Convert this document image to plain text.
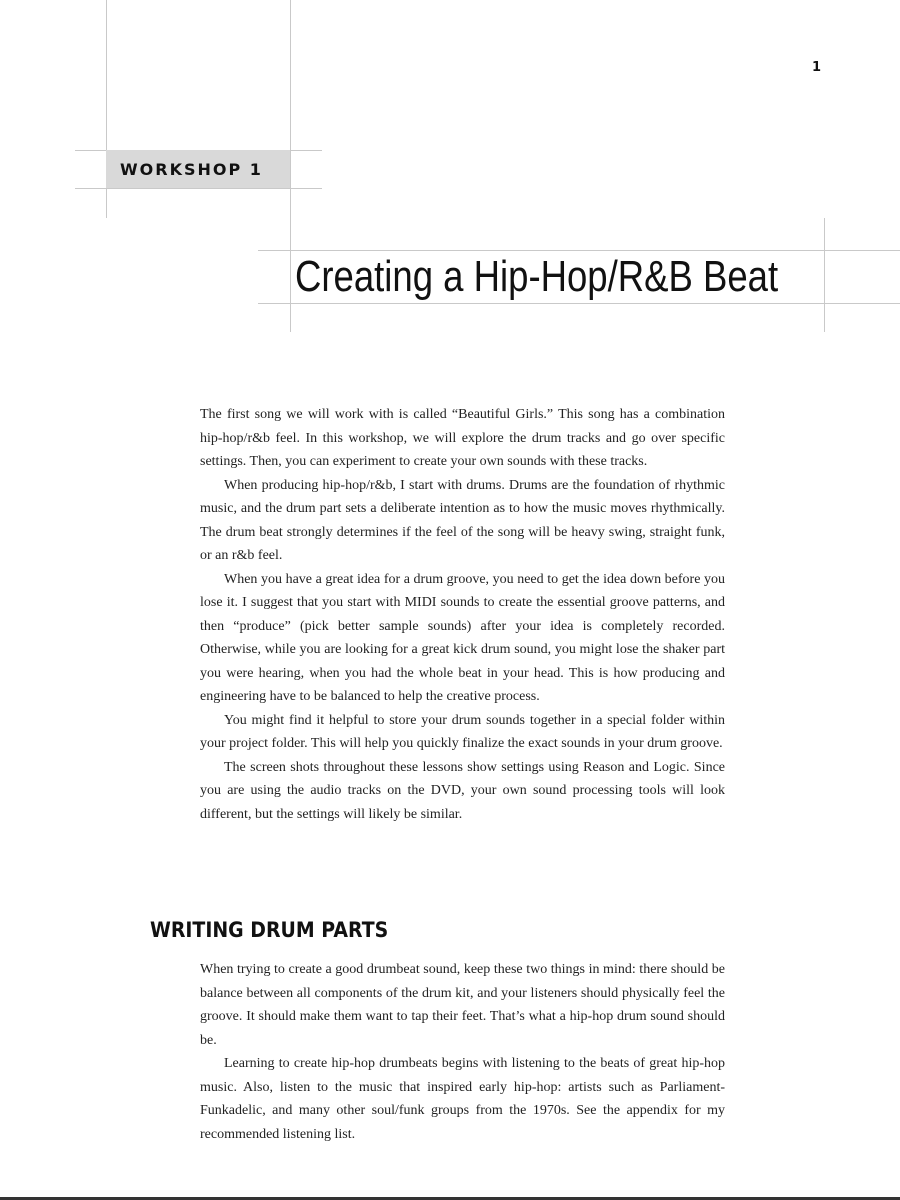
1
WORKSHOP 1
Creating a Hip-Hop/R&B Beat

The first song we will work with is called “Beautiful Girls.” This song has a combination hip-hop/r&b feel. In this workshop, we will explore the drum tracks and go over specific settings. Then, you can experiment to create your own sounds with these tracks.

When producing hip-hop/r&b, I start with drums. Drums are the foundation of rhythmic music, and the drum part sets a deliberate intention as to how the music moves rhythmically. The drum beat strongly determines if the feel of the song will be heavy swing, straight funk, or an r&b feel.

When you have a great idea for a drum groove, you need to get the idea down before you lose it. I suggest that you start with MIDI sounds to create the essential groove patterns, and then “produce” (pick better sample sounds) after your idea is completely recorded. Otherwise, while you are looking for a great kick drum sound, you might lose the shaker part you were hearing, when you had the whole beat in your head. This is how producing and engineering have to be balanced to help the creative process.

You might find it helpful to store your drum sounds together in a special folder within your project folder. This will help you quickly finalize the exact sounds in your drum groove.

The screen shots throughout these lessons show settings using Reason and Logic. Since you are using the audio tracks on the DVD, your own sound processing tools will look different, but the settings will likely be similar.

WRITING DRUM PARTS

When trying to create a good drumbeat sound, keep these two things in mind: there should be balance between all components of the drum kit, and your listeners should physically feel the groove. It should make them want to tap their feet. That’s what a hip-hop drum sound should be.

Learning to create hip-hop drumbeats begins with listening to the beats of great hip-hop music. Also, listen to the music that inspired early hip-hop: artists such as Parliament-Funkadelic, and many other soul/funk groups from the 1970s. See the appendix for my recommended listening list.
